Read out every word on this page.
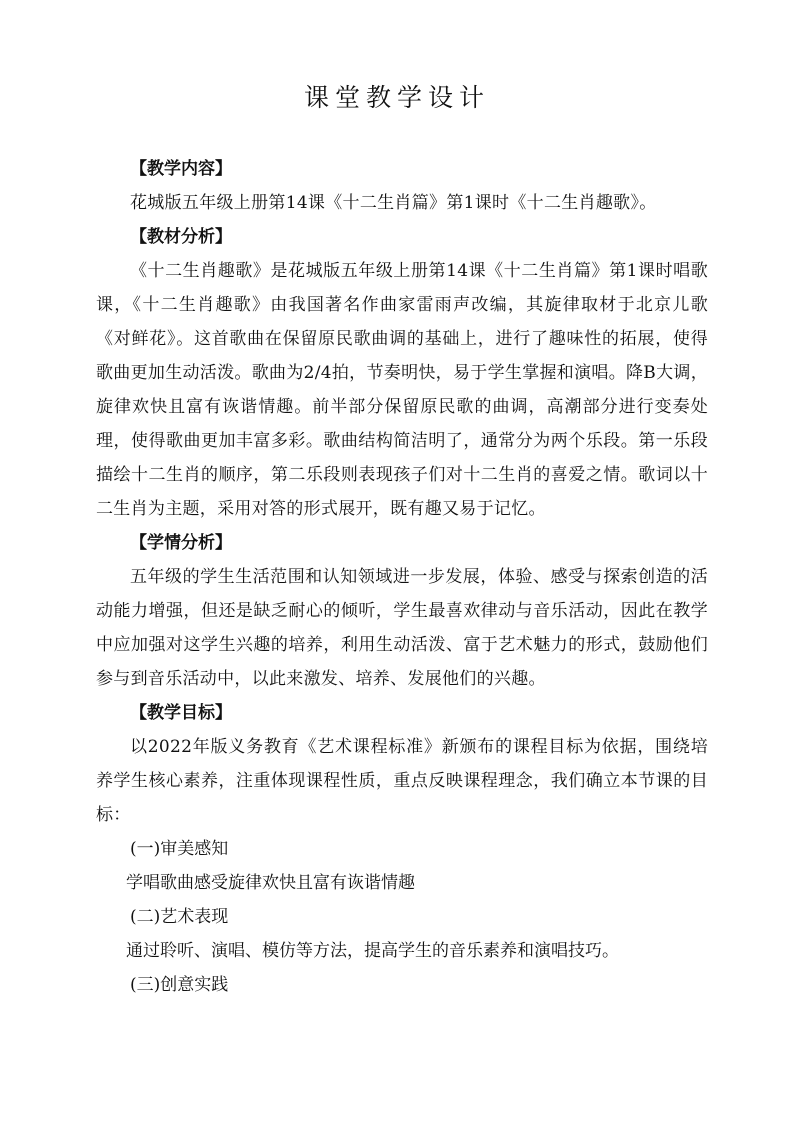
课堂教学设计

【教学内容】

花城版五年级上册第14课《十二生肖篇》第1课时《十二生肖趣歌》。

【教材分析】

《十二生肖趣歌》是花城版五年级上册第14课《十二生肖篇》第1课时唱歌课，《十二生肖趣歌》由我国著名作曲家雷雨声改编，其旋律取材于北京儿歌《对鲜花》。这首歌曲在保留原民歌曲调的基础上，进行了趣味性的拓展，使得歌曲更加生动活泼。歌曲为2/4拍，节奏明快，易于学生掌握和演唱。降B大调，旋律欢快且富有诙谐情趣。前半部分保留原民歌的曲调，高潮部分进行变奏处理，使得歌曲更加丰富多彩。歌曲结构简洁明了，通常分为两个乐段。第一乐段描绘十二生肖的顺序，第二乐段则表现孩子们对十二生肖的喜爱之情。歌词以十二生肖为主题，采用对答的形式展开，既有趣又易于记忆。

【学情分析】

五年级的学生生活范围和认知领域进一步发展，体验、感受与探索创造的活动能力增强，但还是缺乏耐心的倾听，学生最喜欢律动与音乐活动，因此在教学中应加强对这学生兴趣的培养，利用生动活泼、富于艺术魅力的形式，鼓励他们参与到音乐活动中，以此来激发、培养、发展他们的兴趣。

【教学目标】

以2022年版义务教育《艺术课程标准》新颁布的课程目标为依据，围绕培养学生核心素养，注重体现课程性质，重点反映课程理念，我们确立本节课的目标：

(一)审美感知

学唱歌曲感受旋律欢快且富有诙谐情趣

(二)艺术表现

通过聆听、演唱、模仿等方法，提高学生的音乐素养和演唱技巧。

(三)创意实践
